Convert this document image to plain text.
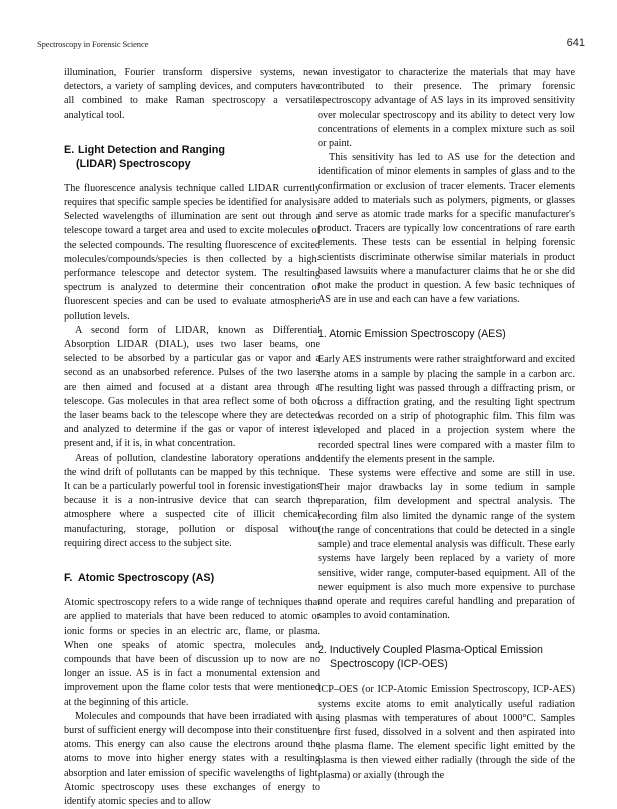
Spectroscopy in Forensic Science	641

illumination, Fourier transform dispersive systems, new detectors, a variety of sampling devices, and computers have all combined to make Raman spectroscopy a versatile analytical tool.

E. Light Detection and Ranging
(LIDAR) Spectroscopy

The fluorescence analysis technique called LIDAR currently requires that specific sample species be identified for analysis. Selected wavelengths of illumination are sent out through a telescope toward a target area and used to excite molecules of the selected compounds. The resulting fluorescence of excited molecules/compounds/species is then collected by a high-performance telescope and detector system. The resulting spectrum is analyzed to determine their concentration of fluorescent species and can be used to evaluate atmospheric pollution levels.

A second form of LIDAR, known as Differential Absorption LIDAR (DIAL), uses two laser beams, one selected to be absorbed by a particular gas or vapor and a second as an unabsorbed reference. Pulses of the two lasers are then aimed and focused at a distant area through a telescope. Gas molecules in that area reflect some of both of the laser beams back to the telescope where they are detected and analyzed to determine if the gas or vapor of interest is present and, if it is, in what concentration.

Areas of pollution, clandestine laboratory operations and the wind drift of pollutants can be mapped by this technique. It can be a particularly powerful tool in forensic investigations because it is a non-intrusive device that can search the atmosphere where a suspected cite of illicit chemical manufacturing, storage, pollution or disposal without requiring direct access to the subject site.

F. Atomic Spectroscopy (AS)

Atomic spectroscopy refers to a wide range of techniques that are applied to materials that have been reduced to atomic or ionic forms or species in an electric arc, flame, or plasma. When one speaks of atomic spectra, molecules and compounds that have been of discussion up to now are no longer an issue. AS is in fact a monumental extension and improvement upon the flame color tests that were mentioned at the beginning of this article.

Molecules and compounds that have been irradiated with a burst of sufficient energy will decompose into their constituent atoms. This energy can also cause the electrons around the atoms to move into higher energy states with a resulting absorption and later emission of specific wavelengths of light. Atomic spectroscopy uses these exchanges of energy to identify atomic species and to allow

an investigator to characterize the materials that may have contributed to their presence. The primary forensic spectroscopy advantage of AS lays in its improved sensitivity over molecular spectroscopy and its ability to detect very low concentrations of elements in a complex mixture such as soil or paint.

This sensitivity has led to AS use for the detection and identification of minor elements in samples of glass and to the confirmation or exclusion of tracer elements. Tracer elements are added to materials such as polymers, pigments, or glasses and serve as atomic trade marks for a specific manufacturer's product. Tracers are typically low concentrations of rare earth elements. These tests can be essential in helping forensic scientists discriminate otherwise similar materials in product based lawsuits where a manufacturer claims that he or she did not make the product in question. A few basic techniques of AS are in use and each can have a few variations.

1. Atomic Emission Spectroscopy (AES)

Early AES instruments were rather straightforward and excited the atoms in a sample by placing the sample in a carbon arc. The resulting light was passed through a diffracting prism, or across a diffraction grating, and the resulting light spectrum was recorded on a strip of photographic film. This film was developed and placed in a projection system where the recorded spectral lines were compared with a master film to identify the elements present in the sample.

These systems were effective and some are still in use. Their major drawbacks lay in some tedium in sample preparation, film development and spectral analysis. The recording film also limited the dynamic range of the system (the range of concentrations that could be detected in a single sample) and trace elemental analysis was difficult. These early systems have largely been replaced by a variety of more sensitive, wider range, computer-based equipment. All of the newer equipment is also much more expensive to purchase and operate and requires careful handling and preparation of samples to avoid contamination.

2. Inductively Coupled Plasma-Optical Emission
Spectroscopy (ICP-OES)

ICP–OES (or ICP-Atomic Emission Spectroscopy, ICP-AES) systems excite atoms to emit analytically useful radiation using plasmas with temperatures of about 1000°C. Samples are first fused, dissolved in a solvent and then aspirated into the plasma flame. The element specific light emitted by the plasma is then viewed either radially (through the side of the plasma) or axially (through the
